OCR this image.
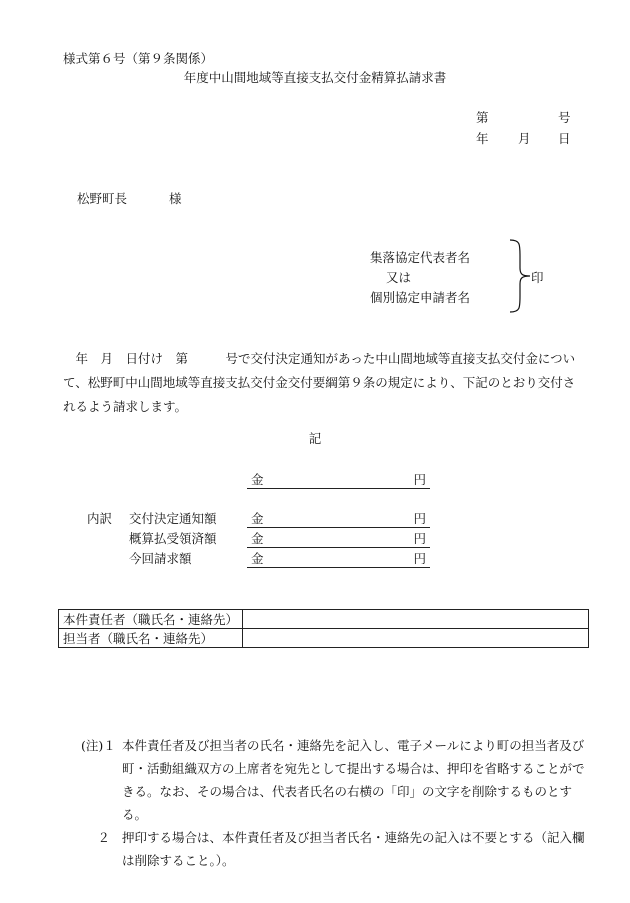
様式第６号（第９条関係）
年度中山間地域等直接支払交付金精算払請求書
第	号
年 月 日
松野町長	様
集落協定代表者名
又は
個別協定申請者名
印
　年　月　日付け　第　　　号で交付決定通知があった中山間地域等直接支払交付金について、松野町中山間地域等直接支払交付金交付要綱第９条の規定により、下記のとおり交付されるよう請求します。
記
金	円
内訳 交付決定通知額	金	円
概算払受領済額	金	円
今回請求額	金	円
本件責任者（職氏名・連絡先）	
担当者（職氏名・連絡先）	
(注)１ 本件責任者及び担当者の氏名・連絡先を記入し、電子メールにより町の担当者及び町・活動組織双方の上席者を宛先として提出する場合は、押印を省略することができる。なお、その場合は、代表者氏名の右横の「印」の文字を削除するものとする。
２ 押印する場合は、本件責任者及び担当者氏名・連絡先の記入は不要とする（記入欄は削除すること。）。
